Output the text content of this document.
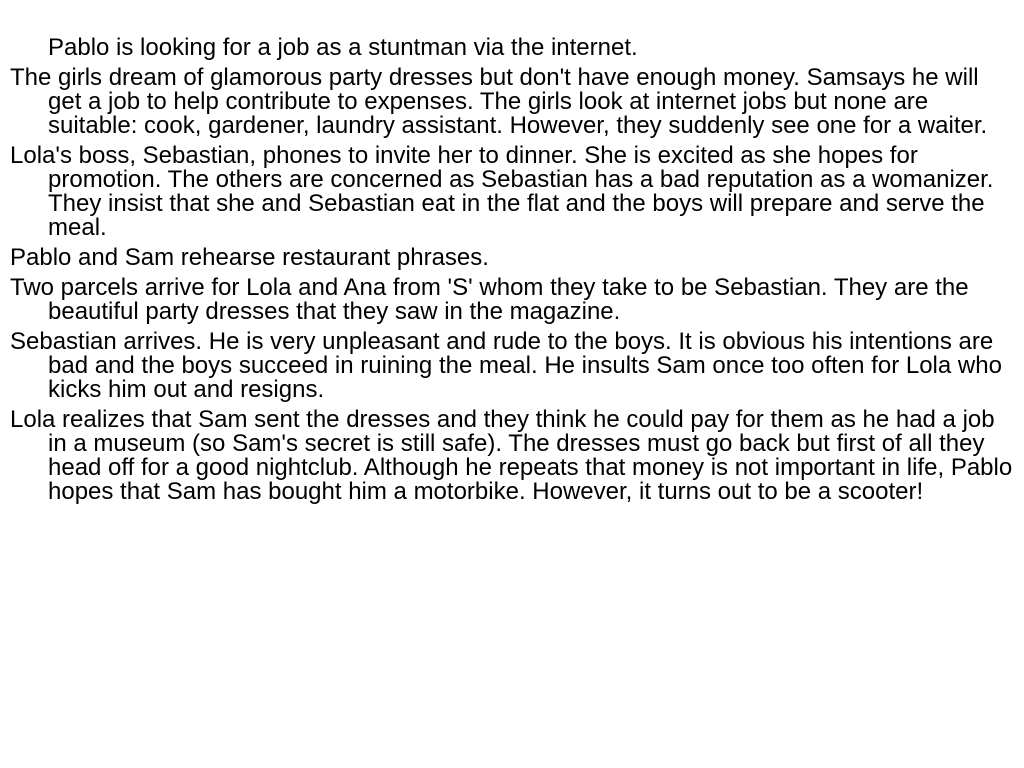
Pablo is looking for a job as a stuntman via the internet.

The girls dream of glamorous party dresses but don't have enough money. Samsays he will get a job to help contribute to expenses. The girls look at internet jobs but none are suitable: cook, gardener, laundry assistant. However, they suddenly see one for a waiter.

Lola's boss, Sebastian, phones to invite her to dinner. She is excited as she hopes for promotion. The others are concerned as Sebastian has a bad reputation as a womanizer. They insist that she and Sebastian eat in the flat and the boys will prepare and serve the meal.

Pablo and Sam rehearse restaurant phrases.

Two parcels arrive for Lola and Ana from 'S' whom they take to be Sebastian. They are the beautiful party dresses that they saw in the magazine.

Sebastian arrives. He is very unpleasant and rude to the boys. It is obvious his intentions are bad and the boys succeed in ruining the meal. He insults Sam once too often for Lola who kicks him out and resigns.

Lola realizes that Sam sent the dresses and they think he could pay for them as he had a job in a museum (so Sam's secret is still safe). The dresses must go back but first of all they head off for a good nightclub. Although he repeats that money is not important in life, Pablo hopes that Sam has bought him a motorbike. However, it turns out to be a scooter!
